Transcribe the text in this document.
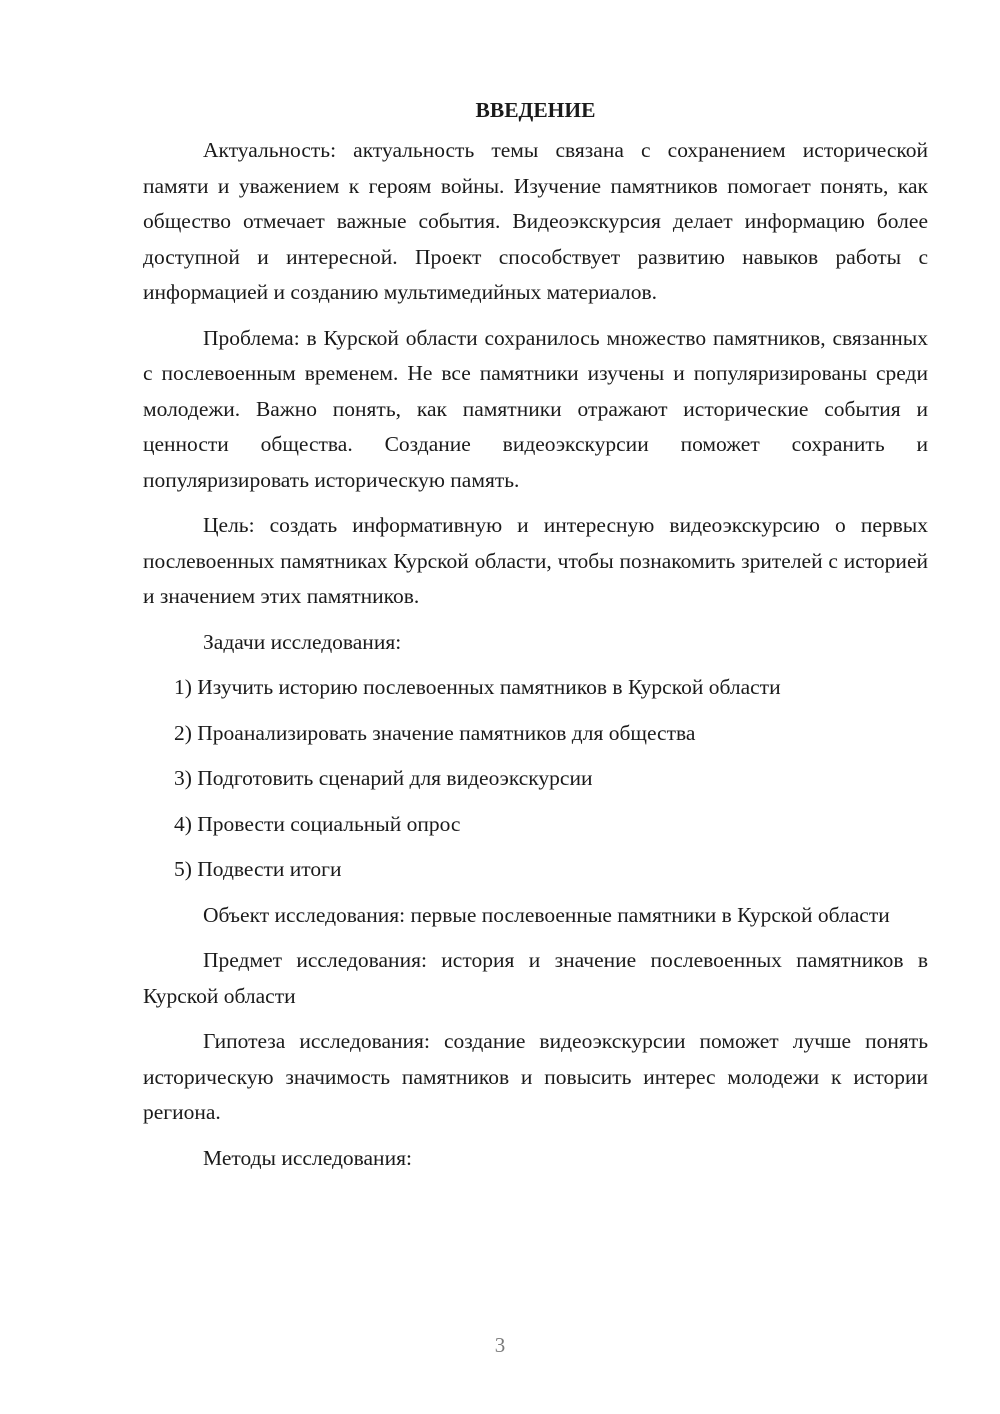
ВВЕДЕНИЕ

Актуальность: актуальность темы связана с сохранением исторической памяти и уважением к героям войны. Изучение памятников помогает понять, как общество отмечает важные события. Видеоэкскурсия делает информацию более доступной и интересной. Проект способствует развитию навыков работы с информацией и созданию мультимедийных материалов.

Проблема: в Курской области сохранилось множество памятников, связанных с послевоенным временем. Не все памятники изучены и популяризированы среди молодежи. Важно понять, как памятники отражают исторические события и ценности общества. Создание видеоэкскурсии поможет сохранить и популяризировать историческую память.

Цель: создать информативную и интересную видеоэкскурсию о первых послевоенных памятниках Курской области, чтобы познакомить зрителей с историей и значением этих памятников.

Задачи исследования:

1) Изучить историю послевоенных памятников в Курской области
2) Проанализировать значение памятников для общества
3) Подготовить сценарий для видеоэкскурсии
4) Провести социальный опрос
5) Подвести итоги

Объект исследования: первые послевоенные памятники в Курской области

Предмет исследования: история и значение послевоенных памятников в Курской области

Гипотеза исследования: создание видеоэкскурсии поможет лучше понять историческую значимость памятников и повысить интерес молодежи к истории региона.

Методы исследования:

3
